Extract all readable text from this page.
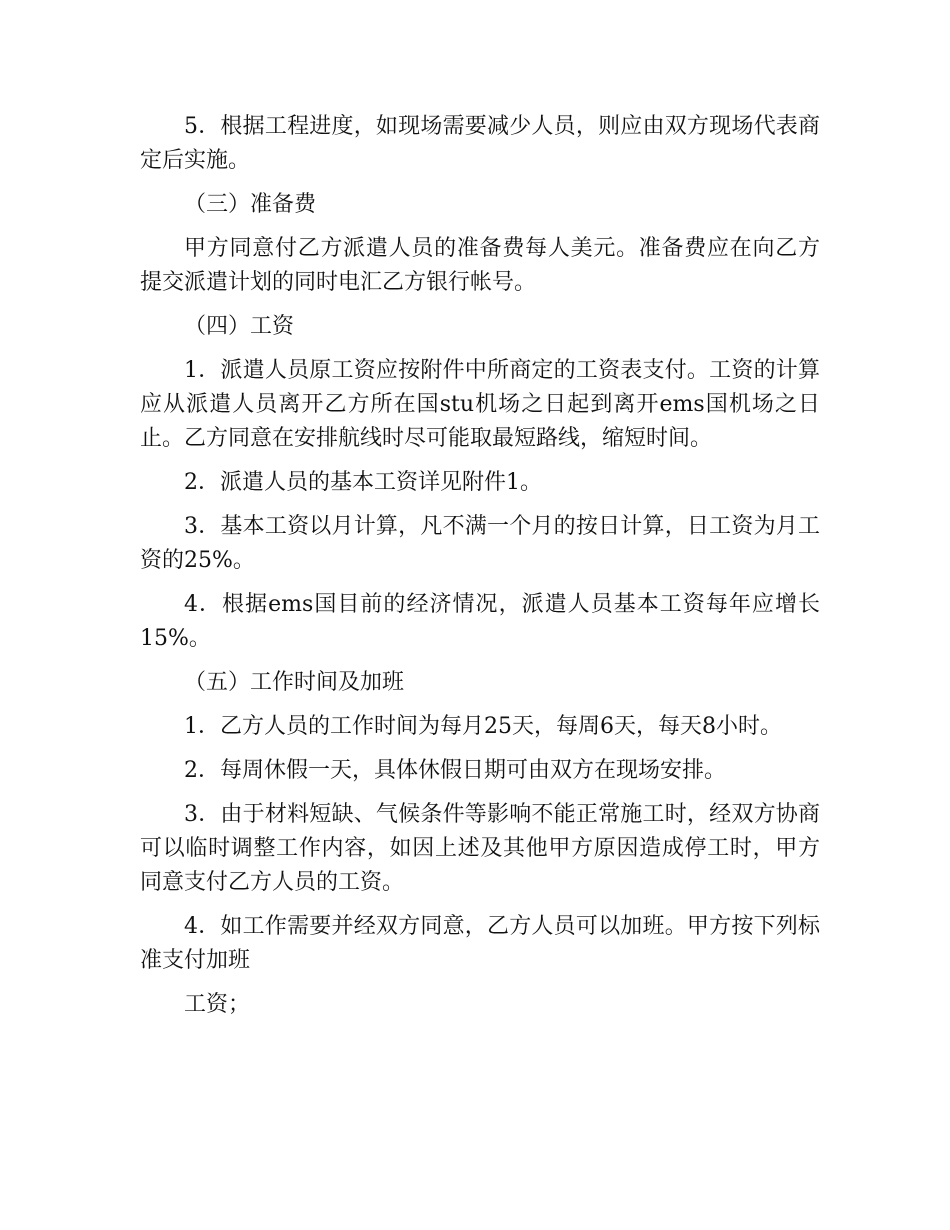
5．根据工程进度，如现场需要减少人员，则应由双方现场代表商定后实施。

（三）准备费

甲方同意付乙方派遣人员的准备费每人美元。准备费应在向乙方提交派遣计划的同时电汇乙方银行帐号。

（四）工资

1．派遣人员原工资应按附件中所商定的工资表支付。工资的计算应从派遣人员离开乙方所在国stu机场之日起到离开ems国机场之日止。乙方同意在安排航线时尽可能取最短路线，缩短时间。

2．派遣人员的基本工资详见附件1。

3．基本工资以月计算，凡不满一个月的按日计算，日工资为月工资的25%。

4．根据ems国目前的经济情况，派遣人员基本工资每年应增长15%。

（五）工作时间及加班

1．乙方人员的工作时间为每月25天，每周6天，每天8小时。

2．每周休假一天，具体休假日期可由双方在现场安排。

3．由于材料短缺、气候条件等影响不能正常施工时，经双方协商可以临时调整工作内容，如因上述及其他甲方原因造成停工时，甲方同意支付乙方人员的工资。

4．如工作需要并经双方同意，乙方人员可以加班。甲方按下列标准支付加班

工资；
